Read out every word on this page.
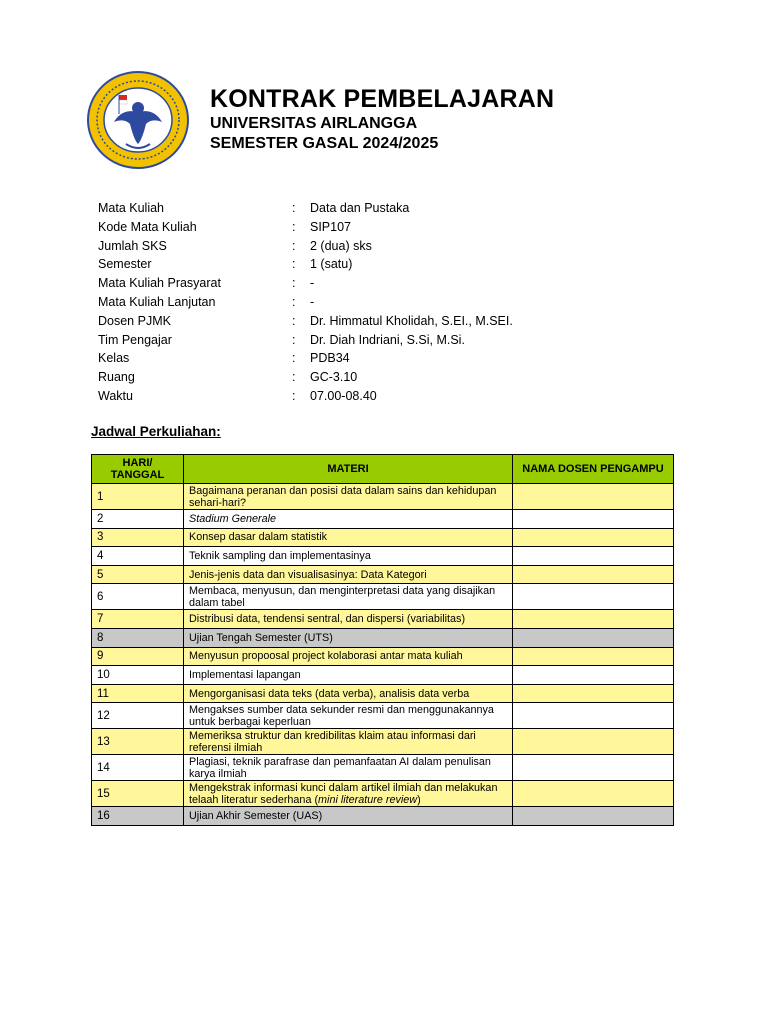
KONTRAK PEMBELAJARAN
UNIVERSITAS AIRLANGGA
SEMESTER GASAL 2024/2025
Mata Kuliah	: Data dan Pustaka
Kode Mata Kuliah	: SIP107
Jumlah SKS	: 2 (dua) sks
Semester	: 1 (satu)
Mata Kuliah Prasyarat	: -
Mata Kuliah Lanjutan	: -
Dosen PJMK	: Dr. Himmatul Kholidah, S.EI., M.SEI.
Tim Pengajar	: Dr. Diah Indriani, S.Si, M.Si.
Kelas	: PDB34
Ruang	: GC-3.10
Waktu	: 07.00-08.40
Jadwal Perkuliahan:
HARI/ TANGGAL	MATERI	NAMA DOSEN PENGAMPU
1	Bagaimana peranan dan posisi data dalam sains dan kehidupan sehari-hari?	
2	Stadium Generale	
3	Konsep dasar dalam statistik	
4	Teknik sampling dan implementasinya	
5	Jenis-jenis data dan visualisasinya: Data Kategori	
6	Membaca, menyusun, dan menginterpretasi data yang disajikan dalam tabel	
7	Distribusi data, tendensi sentral, dan dispersi (variabilitas)	
8	Ujian Tengah Semester (UTS)	
9	Menyusun propoosal project kolaborasi antar mata kuliah	
10	Implementasi lapangan	
11	Mengorganisasi data teks (data verba), analisis data verba	
12	Mengakses sumber data sekunder resmi dan menggunakannya untuk berbagai keperluan	
13	Memeriksa struktur dan kredibilitas klaim atau informasi dari referensi ilmiah	
14	Plagiasi, teknik parafrase dan pemanfaatan AI dalam penulisan karya ilmiah	
15	Mengekstrak informasi kunci dalam artikel ilmiah dan melakukan telaah literatur sederhana (mini literature review)	
16	Ujian Akhir Semester (UAS)	
